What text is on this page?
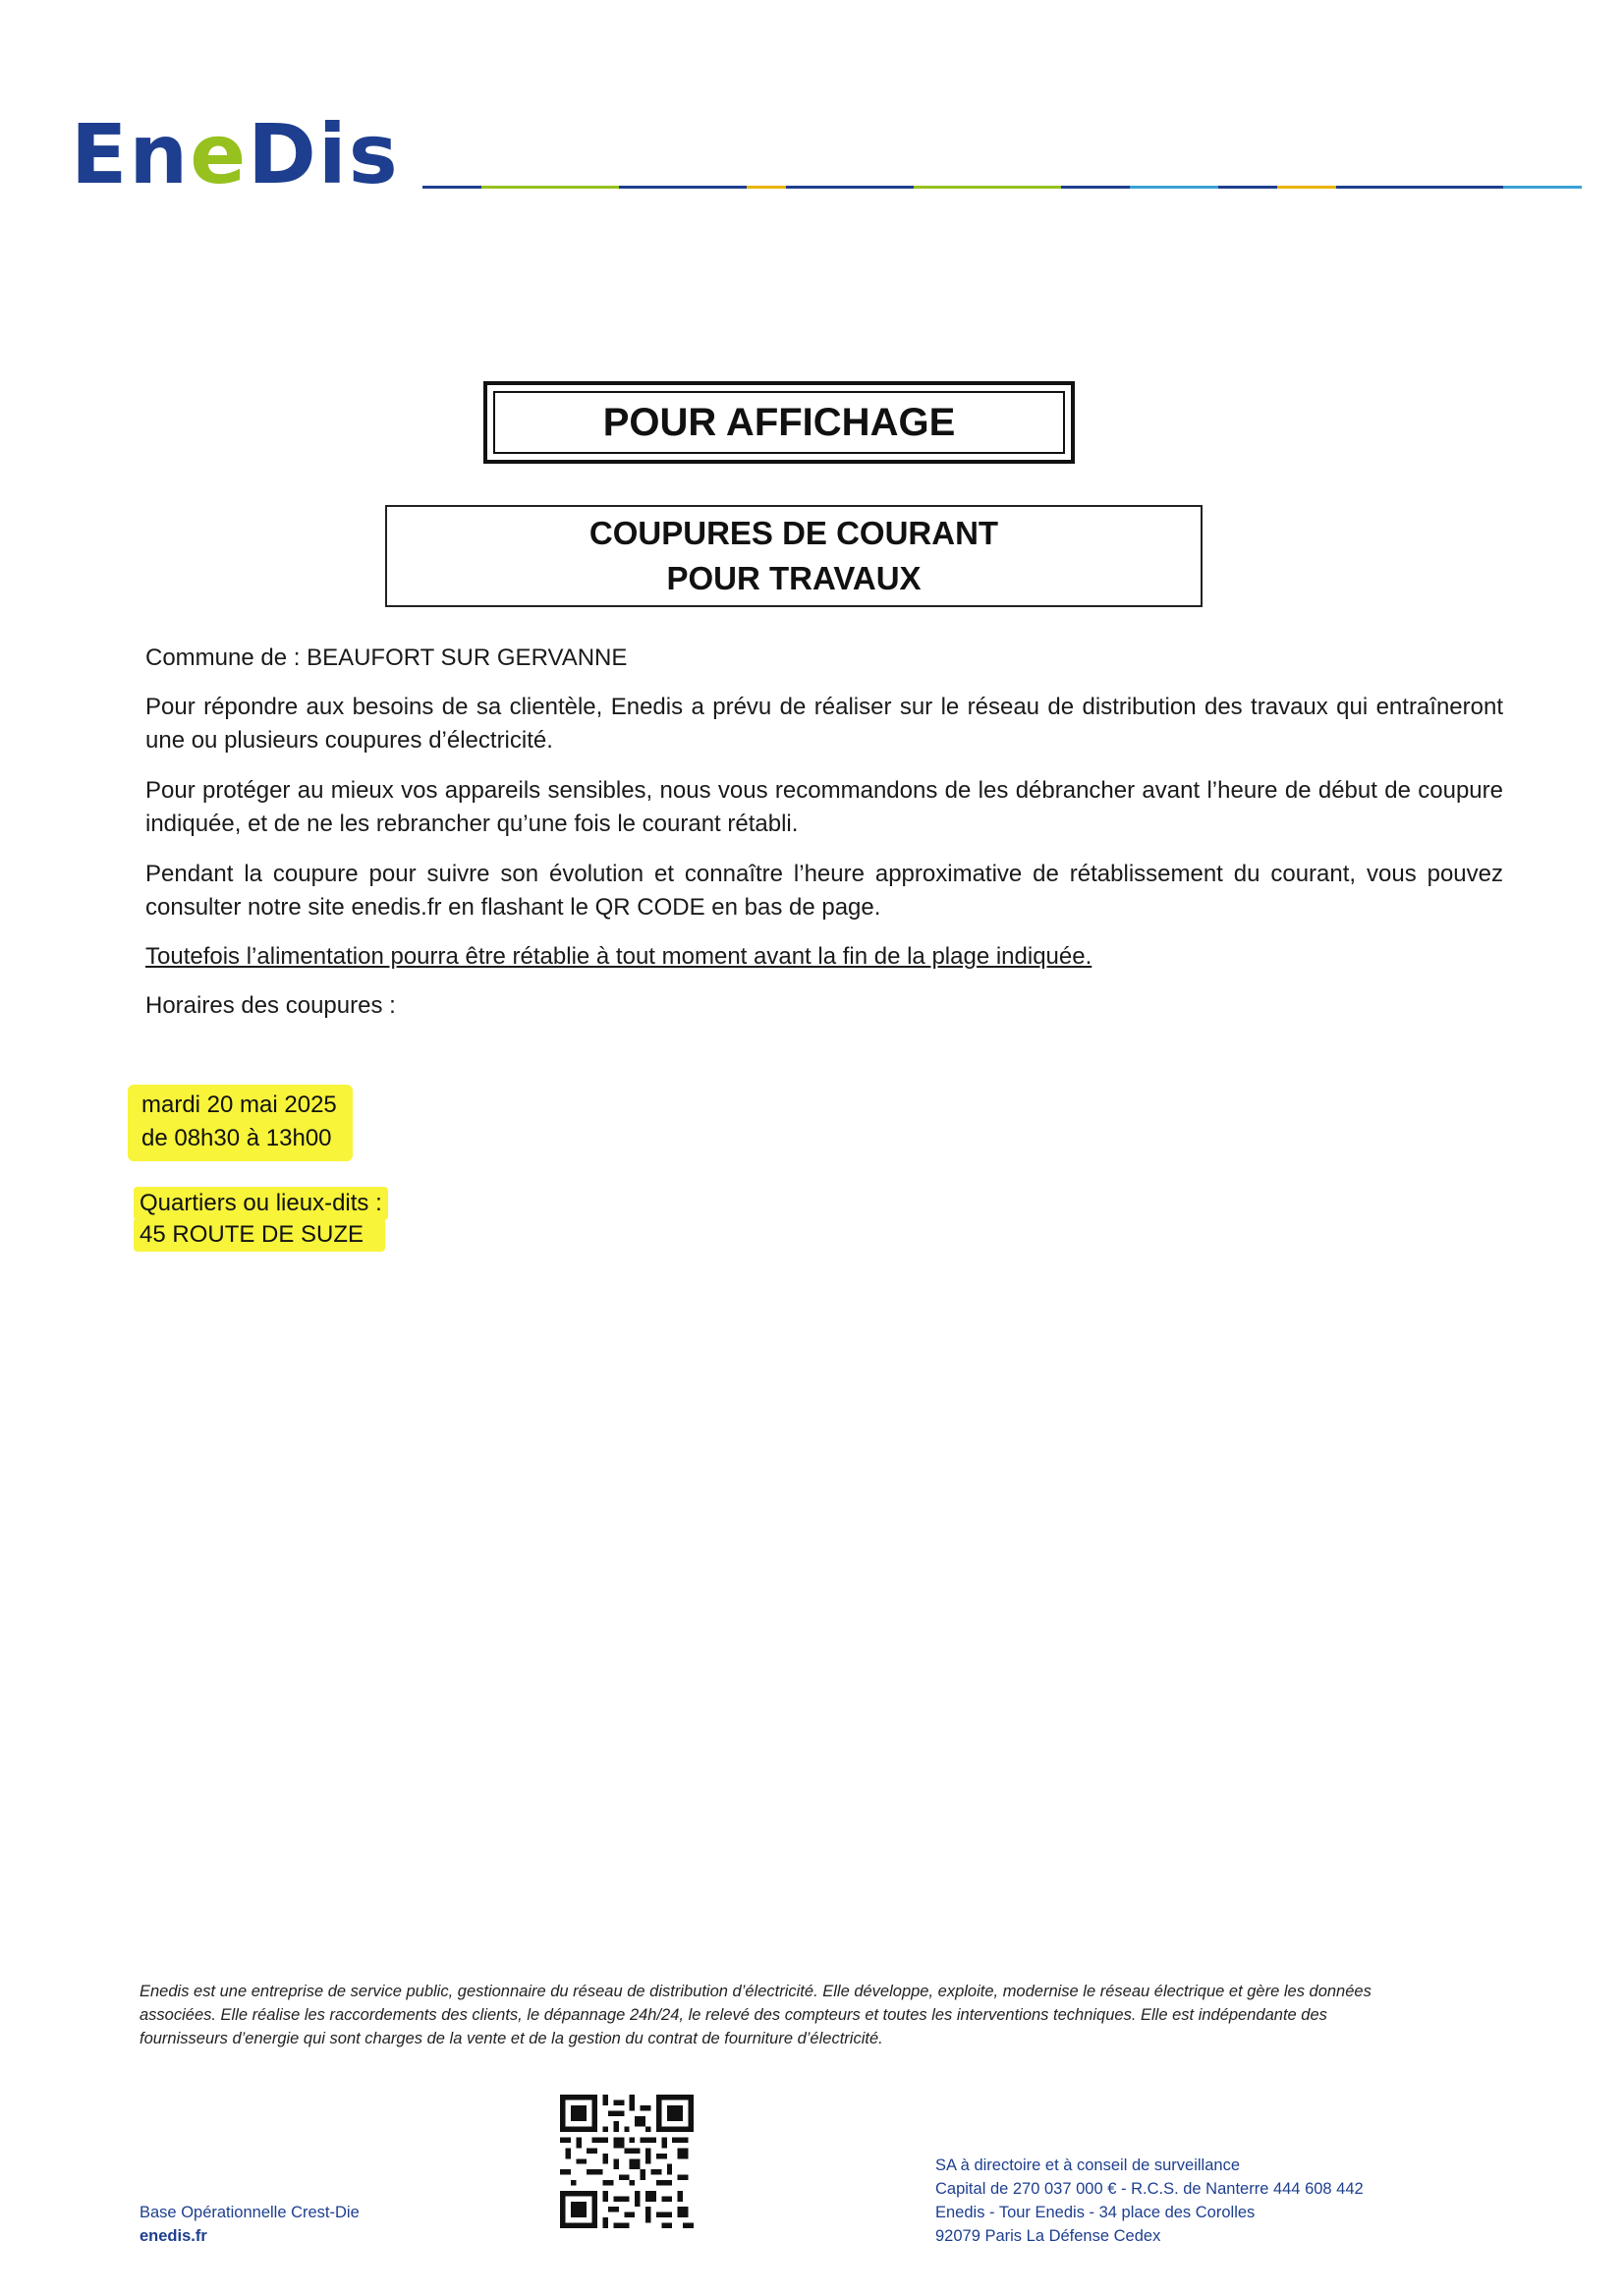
EneDis
POUR AFFICHAGE
COUPURES DE COURANT
POUR TRAVAUX
Commune de : BEAUFORT SUR GERVANNE
Pour répondre aux besoins de sa clientèle, Enedis a prévu de réaliser sur le réseau de distribution des travaux qui entraîneront une ou plusieurs coupures d’électricité.
Pour protéger au mieux vos appareils sensibles, nous vous recommandons de les débrancher avant l’heure de début de coupure indiquée, et de ne les rebrancher qu’une fois le courant rétabli.
Pendant la coupure pour suivre son évolution et connaître l’heure approximative de rétablissement du courant, vous pouvez consulter notre site enedis.fr en flashant le QR CODE en bas de page.
Toutefois l’alimentation pourra être rétablie à tout moment avant la fin de la plage indiquée.
Horaires des coupures :
mardi 20 mai 2025
de 08h30 à 13h00
Quartiers ou lieux-dits :
45 ROUTE DE SUZE
Enedis est une entreprise de service public, gestionnaire du réseau de distribution d’électricité. Elle développe, exploite, modernise le réseau électrique et gère les données
associées. Elle réalise les raccordements des clients, le dépannage 24h/24, le relevé des compteurs et toutes les interventions techniques. Elle est indépendante des
fournisseurs d’energie qui sont charges de la vente et de la gestion du contrat de fourniture d’électricité.
Base Opérationnelle Crest-Die
enedis.fr
SA à directoire et à conseil de surveillance
Capital de 270 037 000 € - R.C.S. de Nanterre 444 608 442
Enedis - Tour Enedis - 34 place des Corolles
92079 Paris La Défense Cedex
